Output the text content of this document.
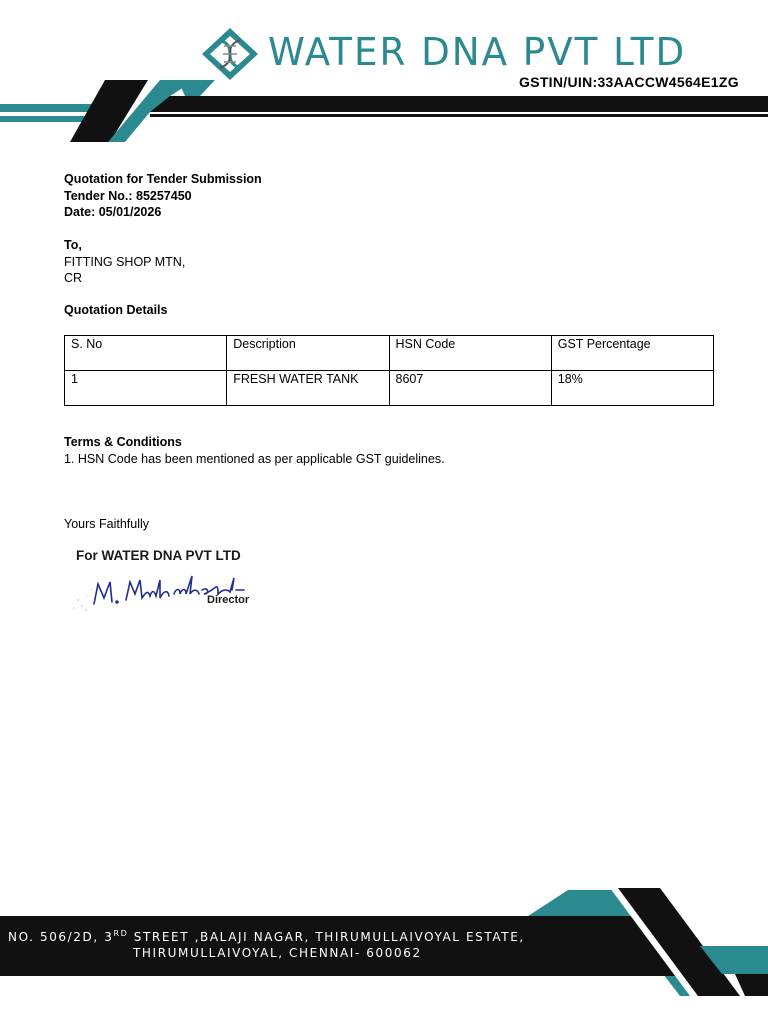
WATER DNA PVT LTD
GSTIN/UIN:33AACCW4564E1ZG
Quotation for Tender Submission
Tender No.: 85257450
Date: 05/01/2026
To,
FITTING SHOP MTN,
CR
Quotation Details
S. No	Description	HSN Code	GST Percentage
1	FRESH WATER TANK	8607	18%
Terms & Conditions
1. HSN Code has been mentioned as per applicable GST guidelines.
Yours Faithfully
For WATER DNA PVT LTD
Director
NO. 506/2D, 3RD STREET ,BALAJI NAGAR, THIRUMULLAIVOYAL ESTATE,
THIRUMULLAIVOYAL, CHENNAI- 600062
